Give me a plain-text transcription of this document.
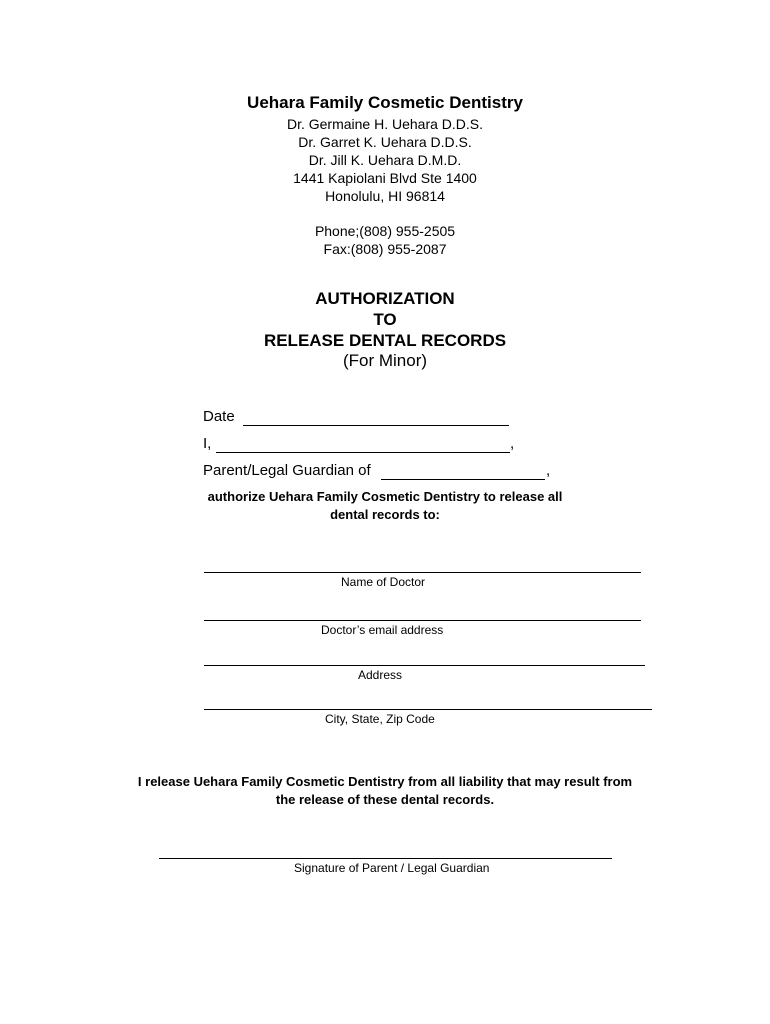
Uehara Family Cosmetic Dentistry
Dr. Germaine H. Uehara D.D.S.
Dr. Garret K. Uehara D.D.S.
Dr. Jill K. Uehara D.M.D.
1441 Kapiolani Blvd Ste 1400
Honolulu, HI 96814
Phone;(808) 955-2505
Fax:(808) 955-2087
AUTHORIZATION
TO
RELEASE DENTAL RECORDS
(For Minor)
Date
I,	,
Parent/Legal Guardian of	,
authorize Uehara Family Cosmetic Dentistry to release all
dental records to:
Name of Doctor
Doctor’s email address
Address
City, State, Zip Code
I release Uehara Family Cosmetic Dentistry from all liability that may result from
the release of these dental records.
Signature of Parent / Legal Guardian
